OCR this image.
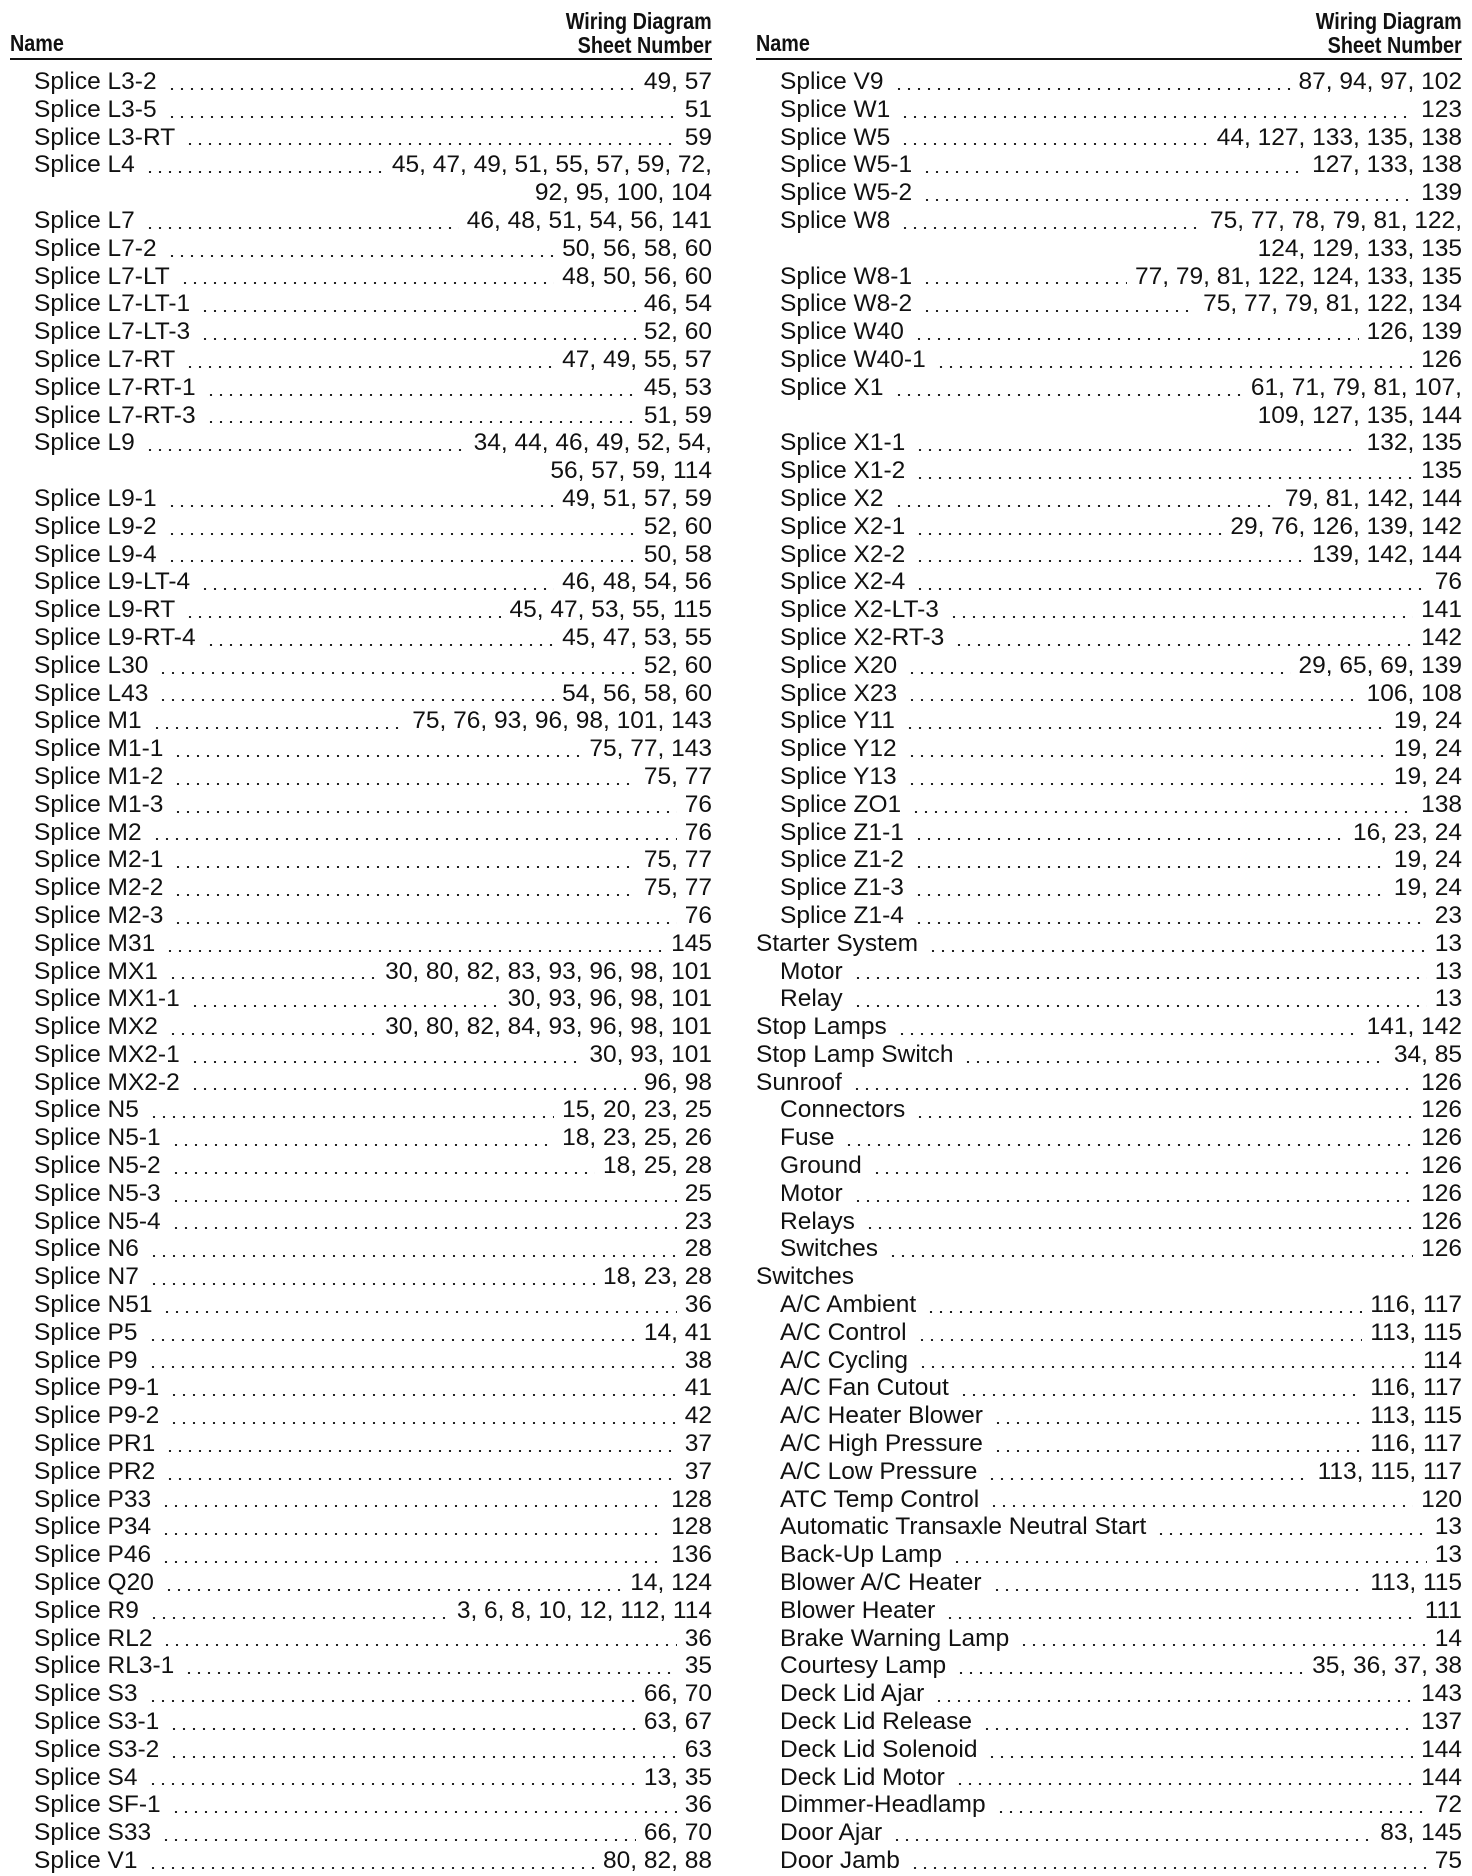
Name
Wiring Diagram
Sheet Number
Splice L3-2	49, 57
Splice L3-5	51
Splice L3-RT	59
Splice L4	45, 47, 49, 51, 55, 57, 59, 72,
92, 95, 100, 104
Splice L7	46, 48, 51, 54, 56, 141
Splice L7-2	50, 56, 58, 60
Splice L7-LT	48, 50, 56, 60
Splice L7-LT-1	46, 54
Splice L7-LT-3	52, 60
Splice L7-RT	47, 49, 55, 57
Splice L7-RT-1	45, 53
Splice L7-RT-3	51, 59
Splice L9	34, 44, 46, 49, 52, 54,
56, 57, 59, 114
Splice L9-1	49, 51, 57, 59
Splice L9-2	52, 60
Splice L9-4	50, 58
Splice L9-LT-4	46, 48, 54, 56
Splice L9-RT	45, 47, 53, 55, 115
Splice L9-RT-4	45, 47, 53, 55
Splice L30	52, 60
Splice L43	54, 56, 58, 60
Splice M1	75, 76, 93, 96, 98, 101, 143
Splice M1-1	75, 77, 143
Splice M1-2	75, 77
Splice M1-3	76
Splice M2	76
Splice M2-1	75, 77
Splice M2-2	75, 77
Splice M2-3	76
Splice M31	145
Splice MX1	30, 80, 82, 83, 93, 96, 98, 101
Splice MX1-1	30, 93, 96, 98, 101
Splice MX2	30, 80, 82, 84, 93, 96, 98, 101
Splice MX2-1	30, 93, 101
Splice MX2-2	96, 98
Splice N5	15, 20, 23, 25
Splice N5-1	18, 23, 25, 26
Splice N5-2	18, 25, 28
Splice N5-3	25
Splice N5-4	23
Splice N6	28
Splice N7	18, 23, 28
Splice N51	36
Splice P5	14, 41
Splice P9	38
Splice P9-1	41
Splice P9-2	42
Splice PR1	37
Splice PR2	37
Splice P33	128
Splice P34	128
Splice P46	136
Splice Q20	14, 124
Splice R9	3, 6, 8, 10, 12, 112, 114
Splice RL2	36
Splice RL3-1	35
Splice S3	66, 70
Splice S3-1	63, 67
Splice S3-2	63
Splice S4	13, 35
Splice SF-1	36
Splice S33	66, 70
Splice V1	80, 82, 88
Name
Wiring Diagram
Sheet Number
Splice V9	87, 94, 97, 102
Splice W1	123
Splice W5	44, 127, 133, 135, 138
Splice W5-1	127, 133, 138
Splice W5-2	139
Splice W8	75, 77, 78, 79, 81, 122,
124, 129, 133, 135
Splice W8-1	77, 79, 81, 122, 124, 133, 135
Splice W8-2	75, 77, 79, 81, 122, 134
Splice W40	126, 139
Splice W40-1	126
Splice X1	61, 71, 79, 81, 107,
109, 127, 135, 144
Splice X1-1	132, 135
Splice X1-2	135
Splice X2	79, 81, 142, 144
Splice X2-1	29, 76, 126, 139, 142
Splice X2-2	139, 142, 144
Splice X2-4	76
Splice X2-LT-3	141
Splice X2-RT-3	142
Splice X20	29, 65, 69, 139
Splice X23	106, 108
Splice Y11	19, 24
Splice Y12	19, 24
Splice Y13	19, 24
Splice ZO1	138
Splice Z1-1	16, 23, 24
Splice Z1-2	19, 24
Splice Z1-3	19, 24
Splice Z1-4	23
Starter System	13
Motor	13
Relay	13
Stop Lamps	141, 142
Stop Lamp Switch	34, 85
Sunroof	126
Connectors	126
Fuse	126
Ground	126
Motor	126
Relays	126
Switches	126
Switches
A/C Ambient	116, 117
A/C Control	113, 115
A/C Cycling	114
A/C Fan Cutout	116, 117
A/C Heater Blower	113, 115
A/C High Pressure	116, 117
A/C Low Pressure	113, 115, 117
ATC Temp Control	120
Automatic Transaxle Neutral Start	13
Back-Up Lamp	13
Blower A/C Heater	113, 115
Blower Heater	111
Brake Warning Lamp	14
Courtesy Lamp	35, 36, 37, 38
Deck Lid Ajar	143
Deck Lid Release	137
Deck Lid Solenoid	144
Deck Lid Motor	144
Dimmer-Headlamp	72
Door Ajar	83, 145
Door Jamb	75
